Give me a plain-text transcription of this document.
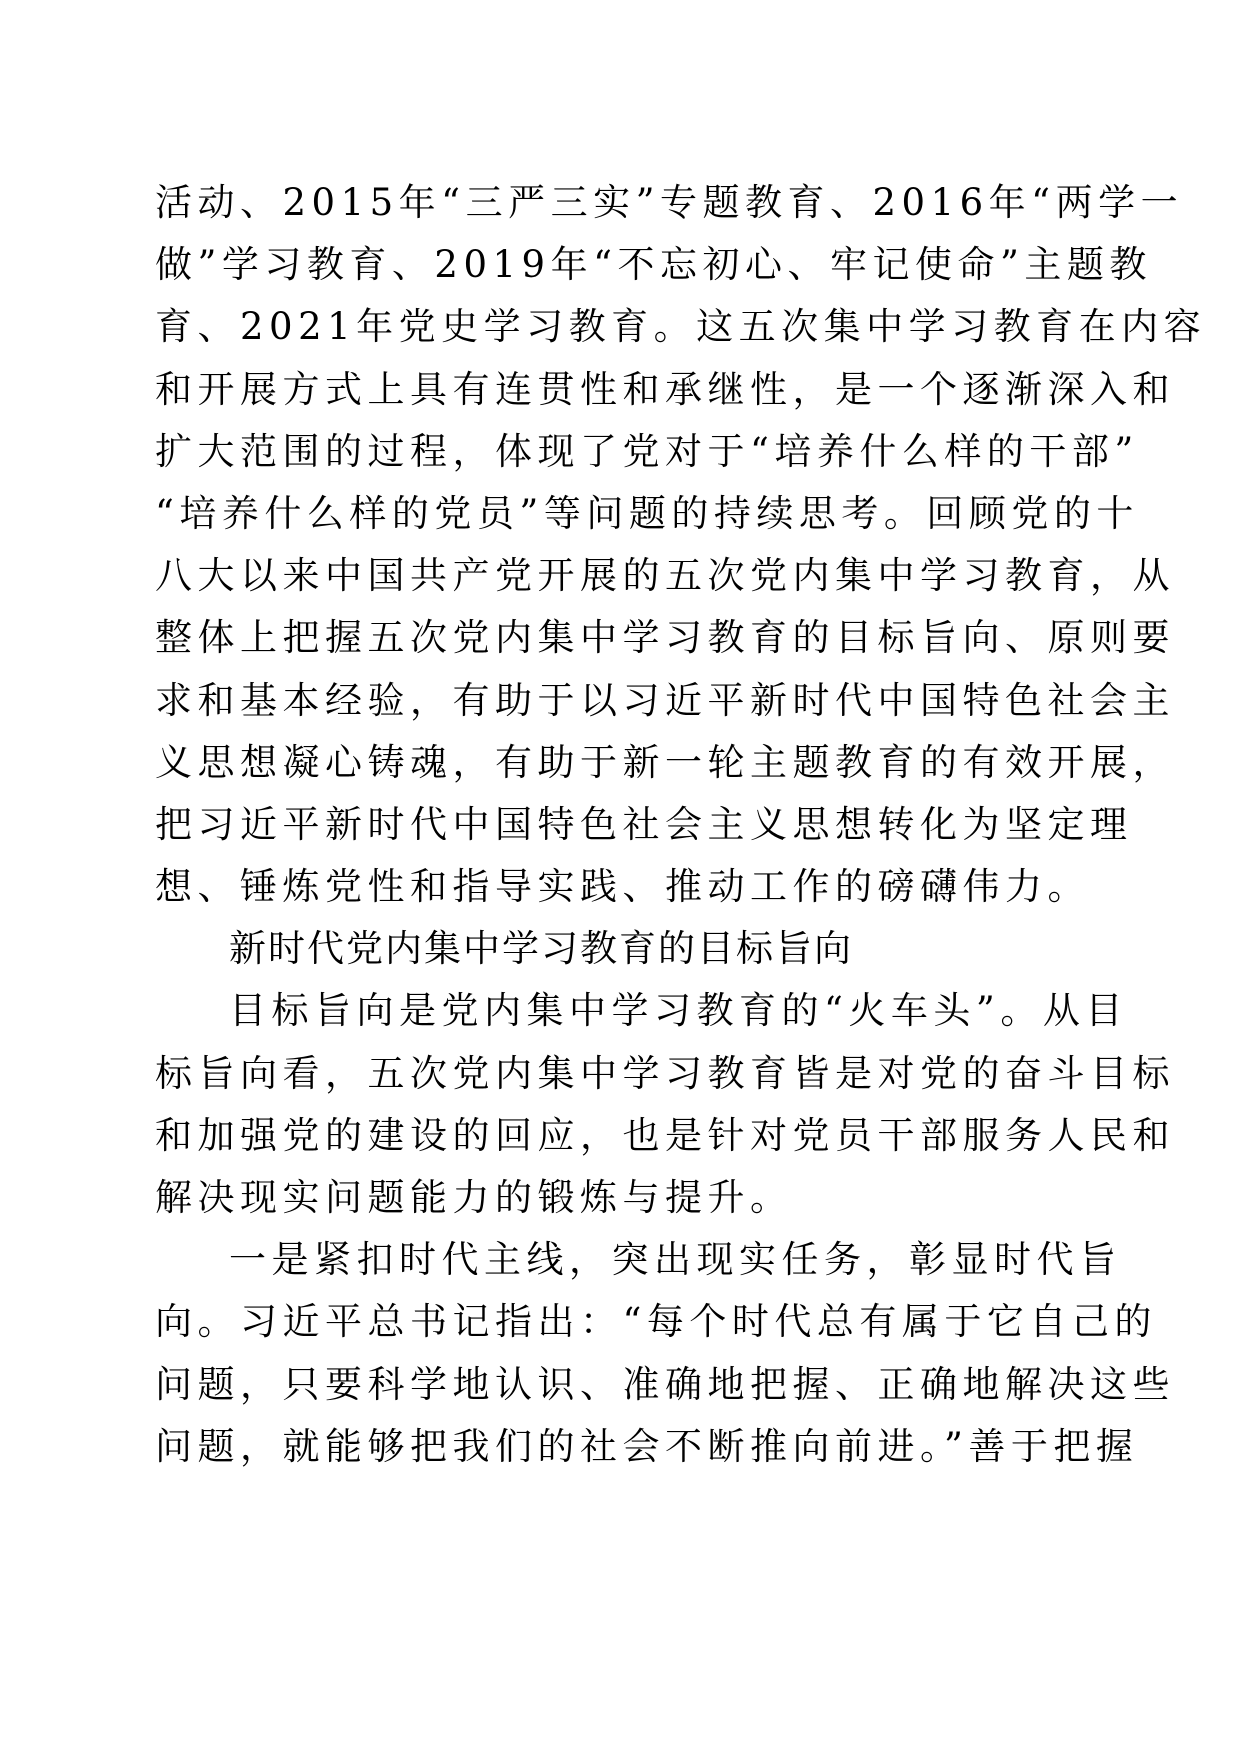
活动、2015年“三严三实”专题教育、2016年“两学一
做”学习教育、2019年“不忘初心、牢记使命”主题教
育、2021年党史学习教育。这五次集中学习教育在内容
和开展方式上具有连贯性和承继性，是一个逐渐深入和
扩大范围的过程，体现了党对于“培养什么样的干部”
“培养什么样的党员”等问题的持续思考。回顾党的十
八大以来中国共产党开展的五次党内集中学习教育，从
整体上把握五次党内集中学习教育的目标旨向、原则要
求和基本经验，有助于以习近平新时代中国特色社会主
义思想凝心铸魂，有助于新一轮主题教育的有效开展，
把习近平新时代中国特色社会主义思想转化为坚定理
想、锤炼党性和指导实践、推动工作的磅礴伟力。
新时代党内集中学习教育的目标旨向
目标旨向是党内集中学习教育的“火车头”。从目
标旨向看，五次党内集中学习教育皆是对党的奋斗目标
和加强党的建设的回应，也是针对党员干部服务人民和
解决现实问题能力的锻炼与提升。
一是紧扣时代主线，突出现实任务，彰显时代旨
向。习近平总书记指出：“每个时代总有属于它自己的
问题，只要科学地认识、准确地把握、正确地解决这些
问题，就能够把我们的社会不断推向前进。”善于把握
